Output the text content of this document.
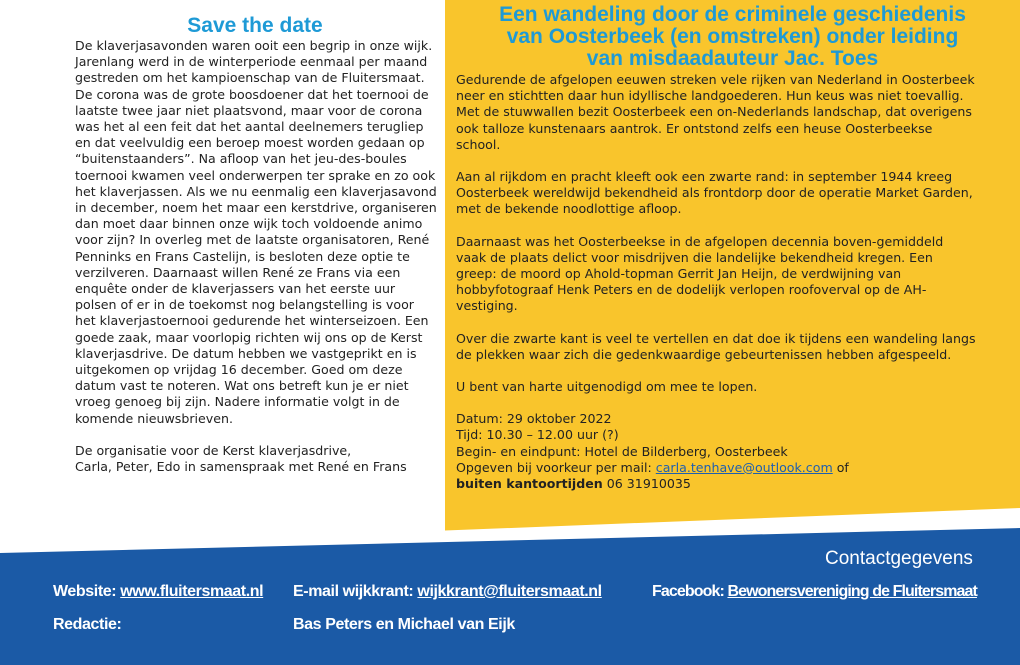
Save the date

De klaverjasavonden waren ooit een begrip in onze wijk. Jarenlang werd in de winterperiode eenmaal per maand gestreden om het kampioenschap van de Fluitersmaat. De corona was de grote boosdoener dat het toernooi de laatste twee jaar niet plaatsvond, maar voor de corona was het al een feit dat het aantal deelnemers terugliep en dat veelvuldig een beroep moest worden gedaan op “buitenstaanders”. Na afloop van het jeu-des-boules toernooi kwamen veel onderwerpen ter sprake en zo ook het klaverjassen. Als we nu eenmalig een klaverjasavond in december, noem het maar een kerstdrive, organiseren dan moet daar binnen onze wijk toch voldoende animo voor zijn? In overleg met de laatste organisatoren, René Penninks en Frans Castelijn, is besloten deze optie te verzilveren. Daarnaast willen René ze Frans via een enquête onder de klaverjassers van het eerste uur polsen of er in de toekomst nog belangstelling is voor het klaverjastoernooi gedurende het winterseizoen. Een goede zaak, maar voorlopig richten wij ons op de Kerst klaverjasdrive. De datum hebben we vastgeprikt en is uitgekomen op vrijdag 16 december. Goed om deze datum vast te noteren. Wat ons betreft kun je er niet vroeg genoeg bij zijn. Nadere informatie volgt in de komende nieuwsbrieven.

De organisatie voor de Kerst klaverjasdrive,
Carla, Peter, Edo in samenspraak met René en Frans
Een wandeling door de criminele geschiedenis
van Oosterbeek (en omstreken) onder leiding
van misdaadauteur Jac. Toes

Gedurende de afgelopen eeuwen streken vele rijken van Nederland in Oosterbeek neer en stichtten daar hun idyllische landgoederen. Hun keus was niet toevallig. Met de stuwwallen bezit Oosterbeek een on-Nederlands landschap, dat overigens ook talloze kunstenaars aantrok. Er ontstond zelfs een heuse Oosterbeekse school.

Aan al rijkdom en pracht kleeft ook een zwarte rand: in september 1944 kreeg Oosterbeek wereldwijd bekendheid als frontdorp door de operatie Market Garden, met de bekende noodlottige afloop.

Daarnaast was het Oosterbeekse in de afgelopen decennia boven-gemiddeld vaak de plaats delict voor misdrijven die landelijke bekendheid kregen. Een greep: de moord op Ahold-topman Gerrit Jan Heijn, de verdwijning van hobbyfotograaf Henk Peters en de dodelijk verlopen roofoverval op de AH-vestiging.

Over die zwarte kant is veel te vertellen en dat doe ik tijdens een wandeling langs de plekken waar zich die gedenkwaardige gebeurtenissen hebben afgespeeld.

U bent van harte uitgenodigd om mee te lopen.

Datum: 29 oktober 2022
Tijd: 10.30 – 12.00 uur (?)
Begin- en eindpunt: Hotel de Bilderberg, Oosterbeek
Opgeven bij voorkeur per mail: carla.tenhave@outlook.com of
buiten kantoortijden 06 31910035
Contactgegevens
Website: www.fluitersmaat.nl E-mail wijkkrant: wijkkrant@fluitersmaat.nl	Facebook: Bewonersvereniging de Fluitersmaat
Redactie:	Bas Peters en Michael van Eijk
